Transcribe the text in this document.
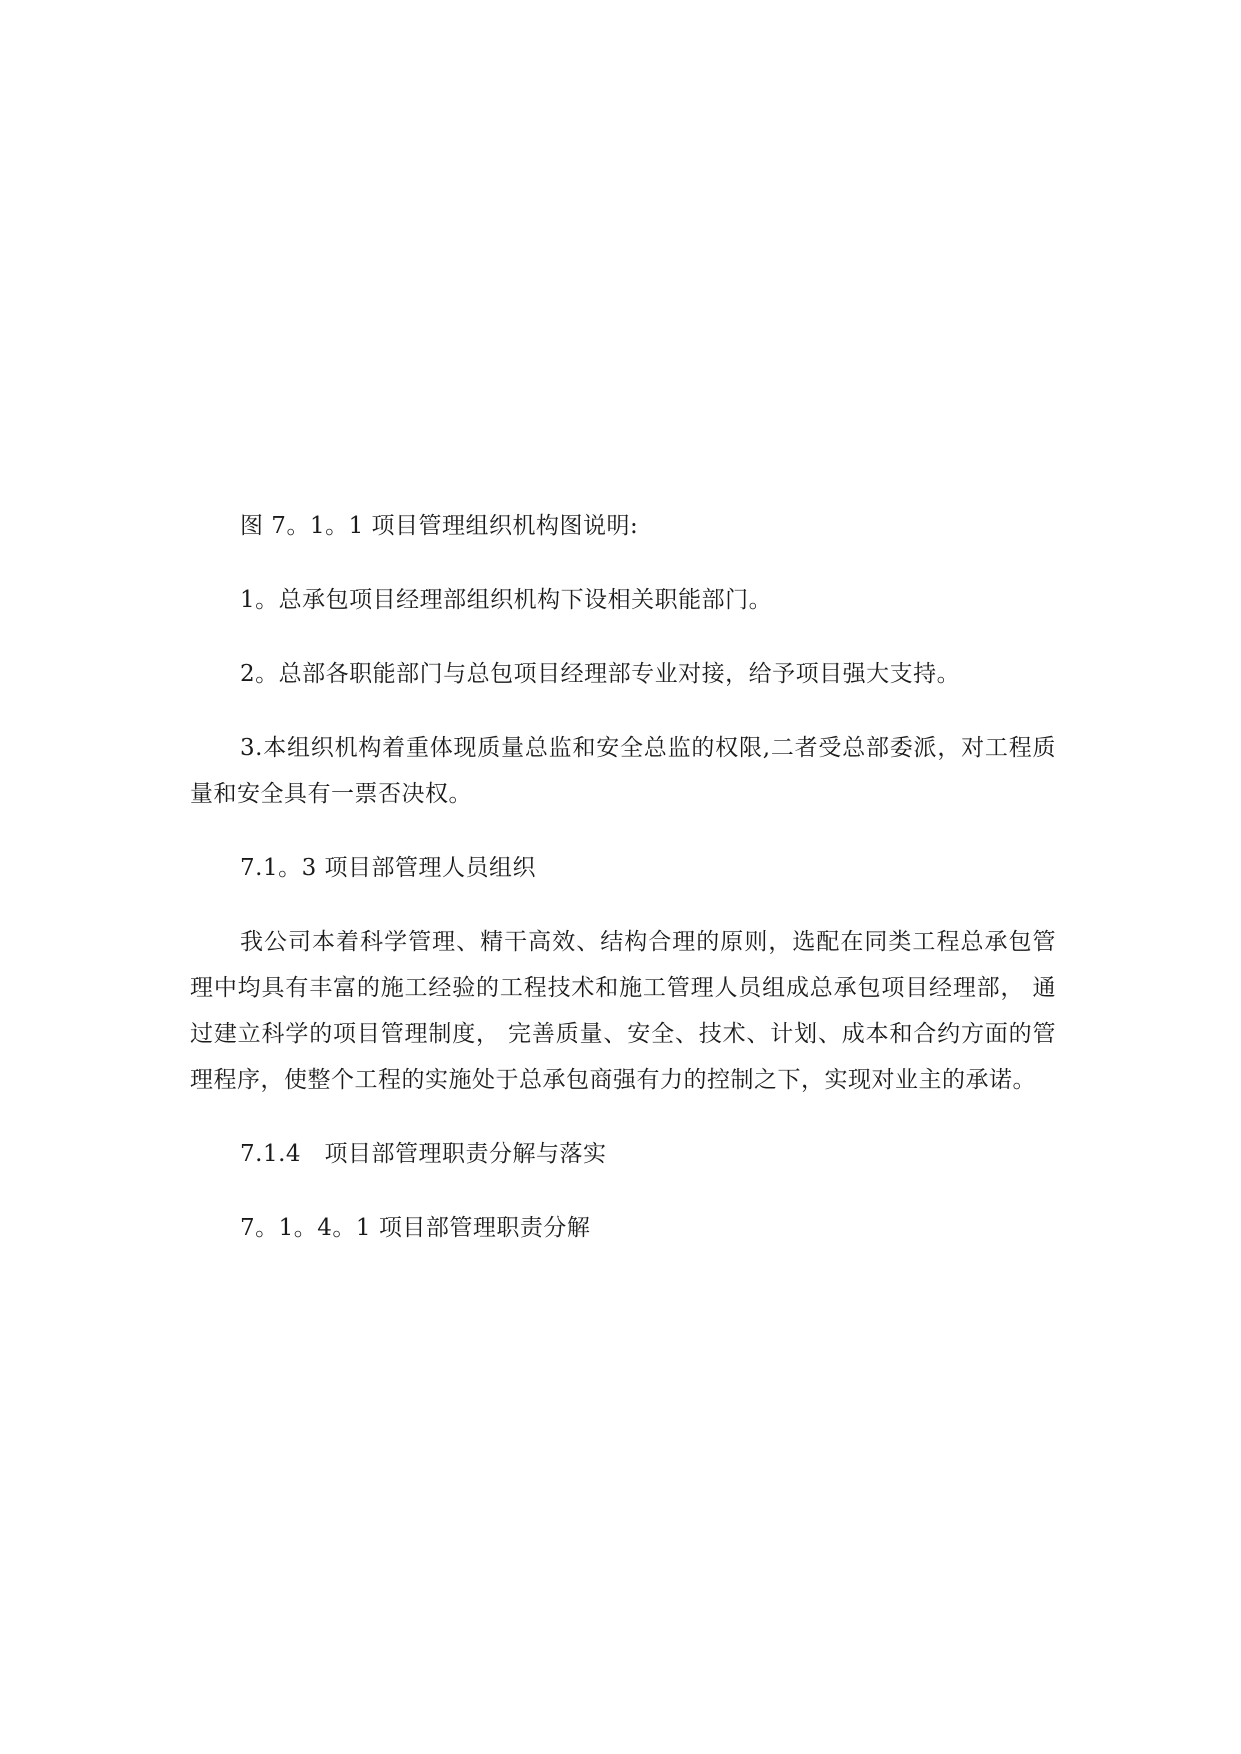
图 7。1。1 项目管理组织机构图说明:

1。总承包项目经理部组织机构下设相关职能部门。

2。总部各职能部门与总包项目经理部专业对接，给予项目强大支持。

3.本组织机构着重体现质量总监和安全总监的权限,二者受总部委派，对工程质量和安全具有一票否决权。

7.1。3 项目部管理人员组织

我公司本着科学管理、精干高效、结构合理的原则，选配在同类工程总承包管理中均具有丰富的施工经验的工程技术和施工管理人员组成总承包项目经理部， 通过建立科学的项目管理制度， 完善质量、安全、技术、计划、成本和合约方面的管理程序，使整个工程的实施处于总承包商强有力的控制之下，实现对业主的承诺。

7.1.4　项目部管理职责分解与落实

7。1。4。1 项目部管理职责分解
